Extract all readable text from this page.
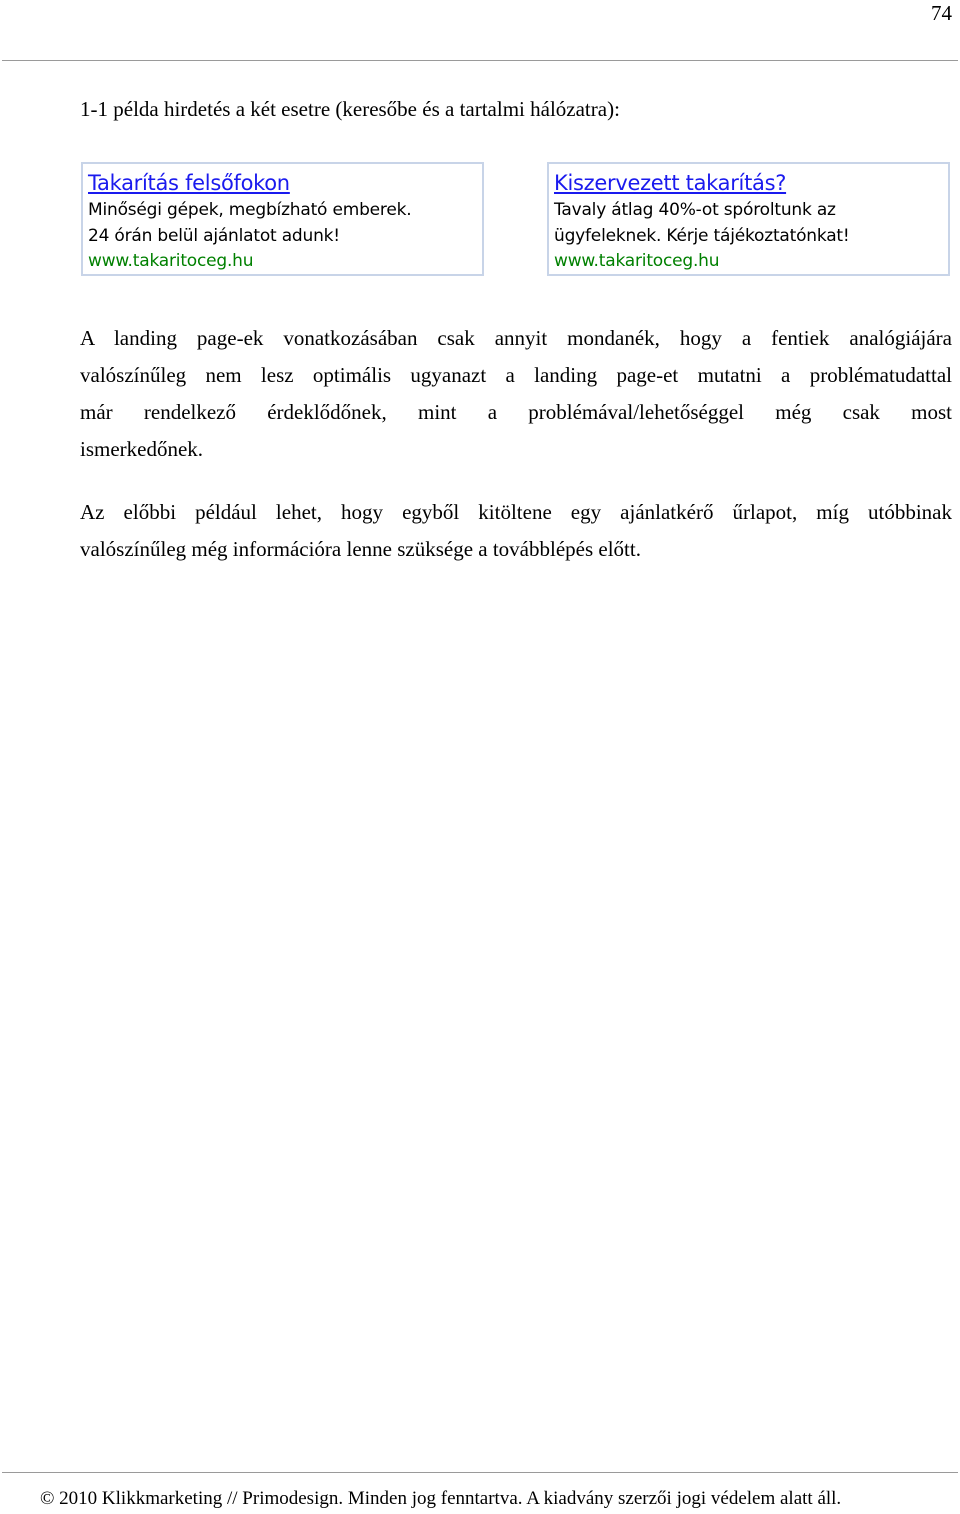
74
1-1 példa hirdetés a két esetre (keresőbe és a tartalmi hálózatra):
Takarítás felsőfokon
Minőségi gépek, megbízható emberek.
24 órán belül ajánlatot adunk!
www.takaritoceg.hu
Kiszervezett takarítás?
Tavaly átlag 40%-ot spóroltunk az
ügyfeleknek. Kérje tájékoztatónkat!
www.takaritoceg.hu
A landing page-ek vonatkozásában csak annyit mondanék, hogy a fentiek analógiájára
valószínűleg nem lesz optimális ugyanazt a landing page-et mutatni a problématudattal
már rendelkező érdeklődőnek, mint a problémával/lehetőséggel még csak most
ismerkedőnek.
Az előbbi például lehet, hogy egyből kitöltene egy ajánlatkérő űrlapot, míg utóbbinak
valószínűleg még információra lenne szüksége a továbblépés előtt.
© 2010 Klikkmarketing // Primodesign. Minden jog fenntartva. A kiadvány szerzői jogi védelem alatt áll.
